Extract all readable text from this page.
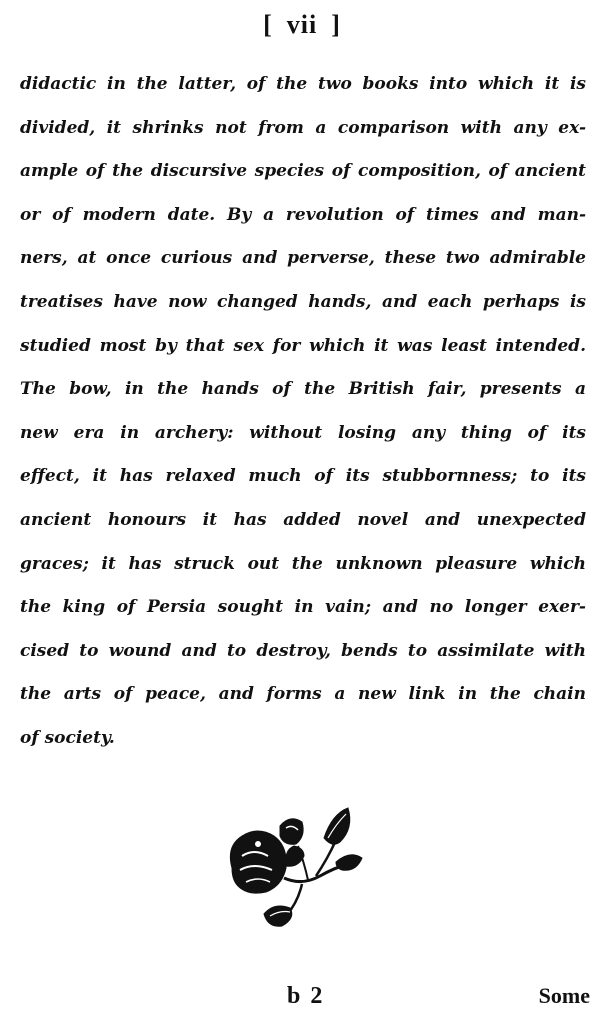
[ vii ]
didactic in the latter, of the two books into which it is
divided, it shrinks not from a comparison with any ex-
ample of the discursive species of composition, of ancient
or of modern date. By a revolution of times and man-
ners, at once curious and perverse, these two admirable
treatises have now changed hands, and each perhaps is
studied most by that sex for which it was least intended.
The bow, in the hands of the British fair, presents a
new era in archery: without losing any thing of its
effect, it has relaxed much of its stubbornness; to its
ancient honours it has added novel and unexpected
graces; it has struck out the unknown pleasure which
the king of Persia sought in vain; and no longer exer-
cised to wound and to destroy, bends to assimilate with
the arts of peace, and forms a new link in the chain
of society.
b 2	Some
